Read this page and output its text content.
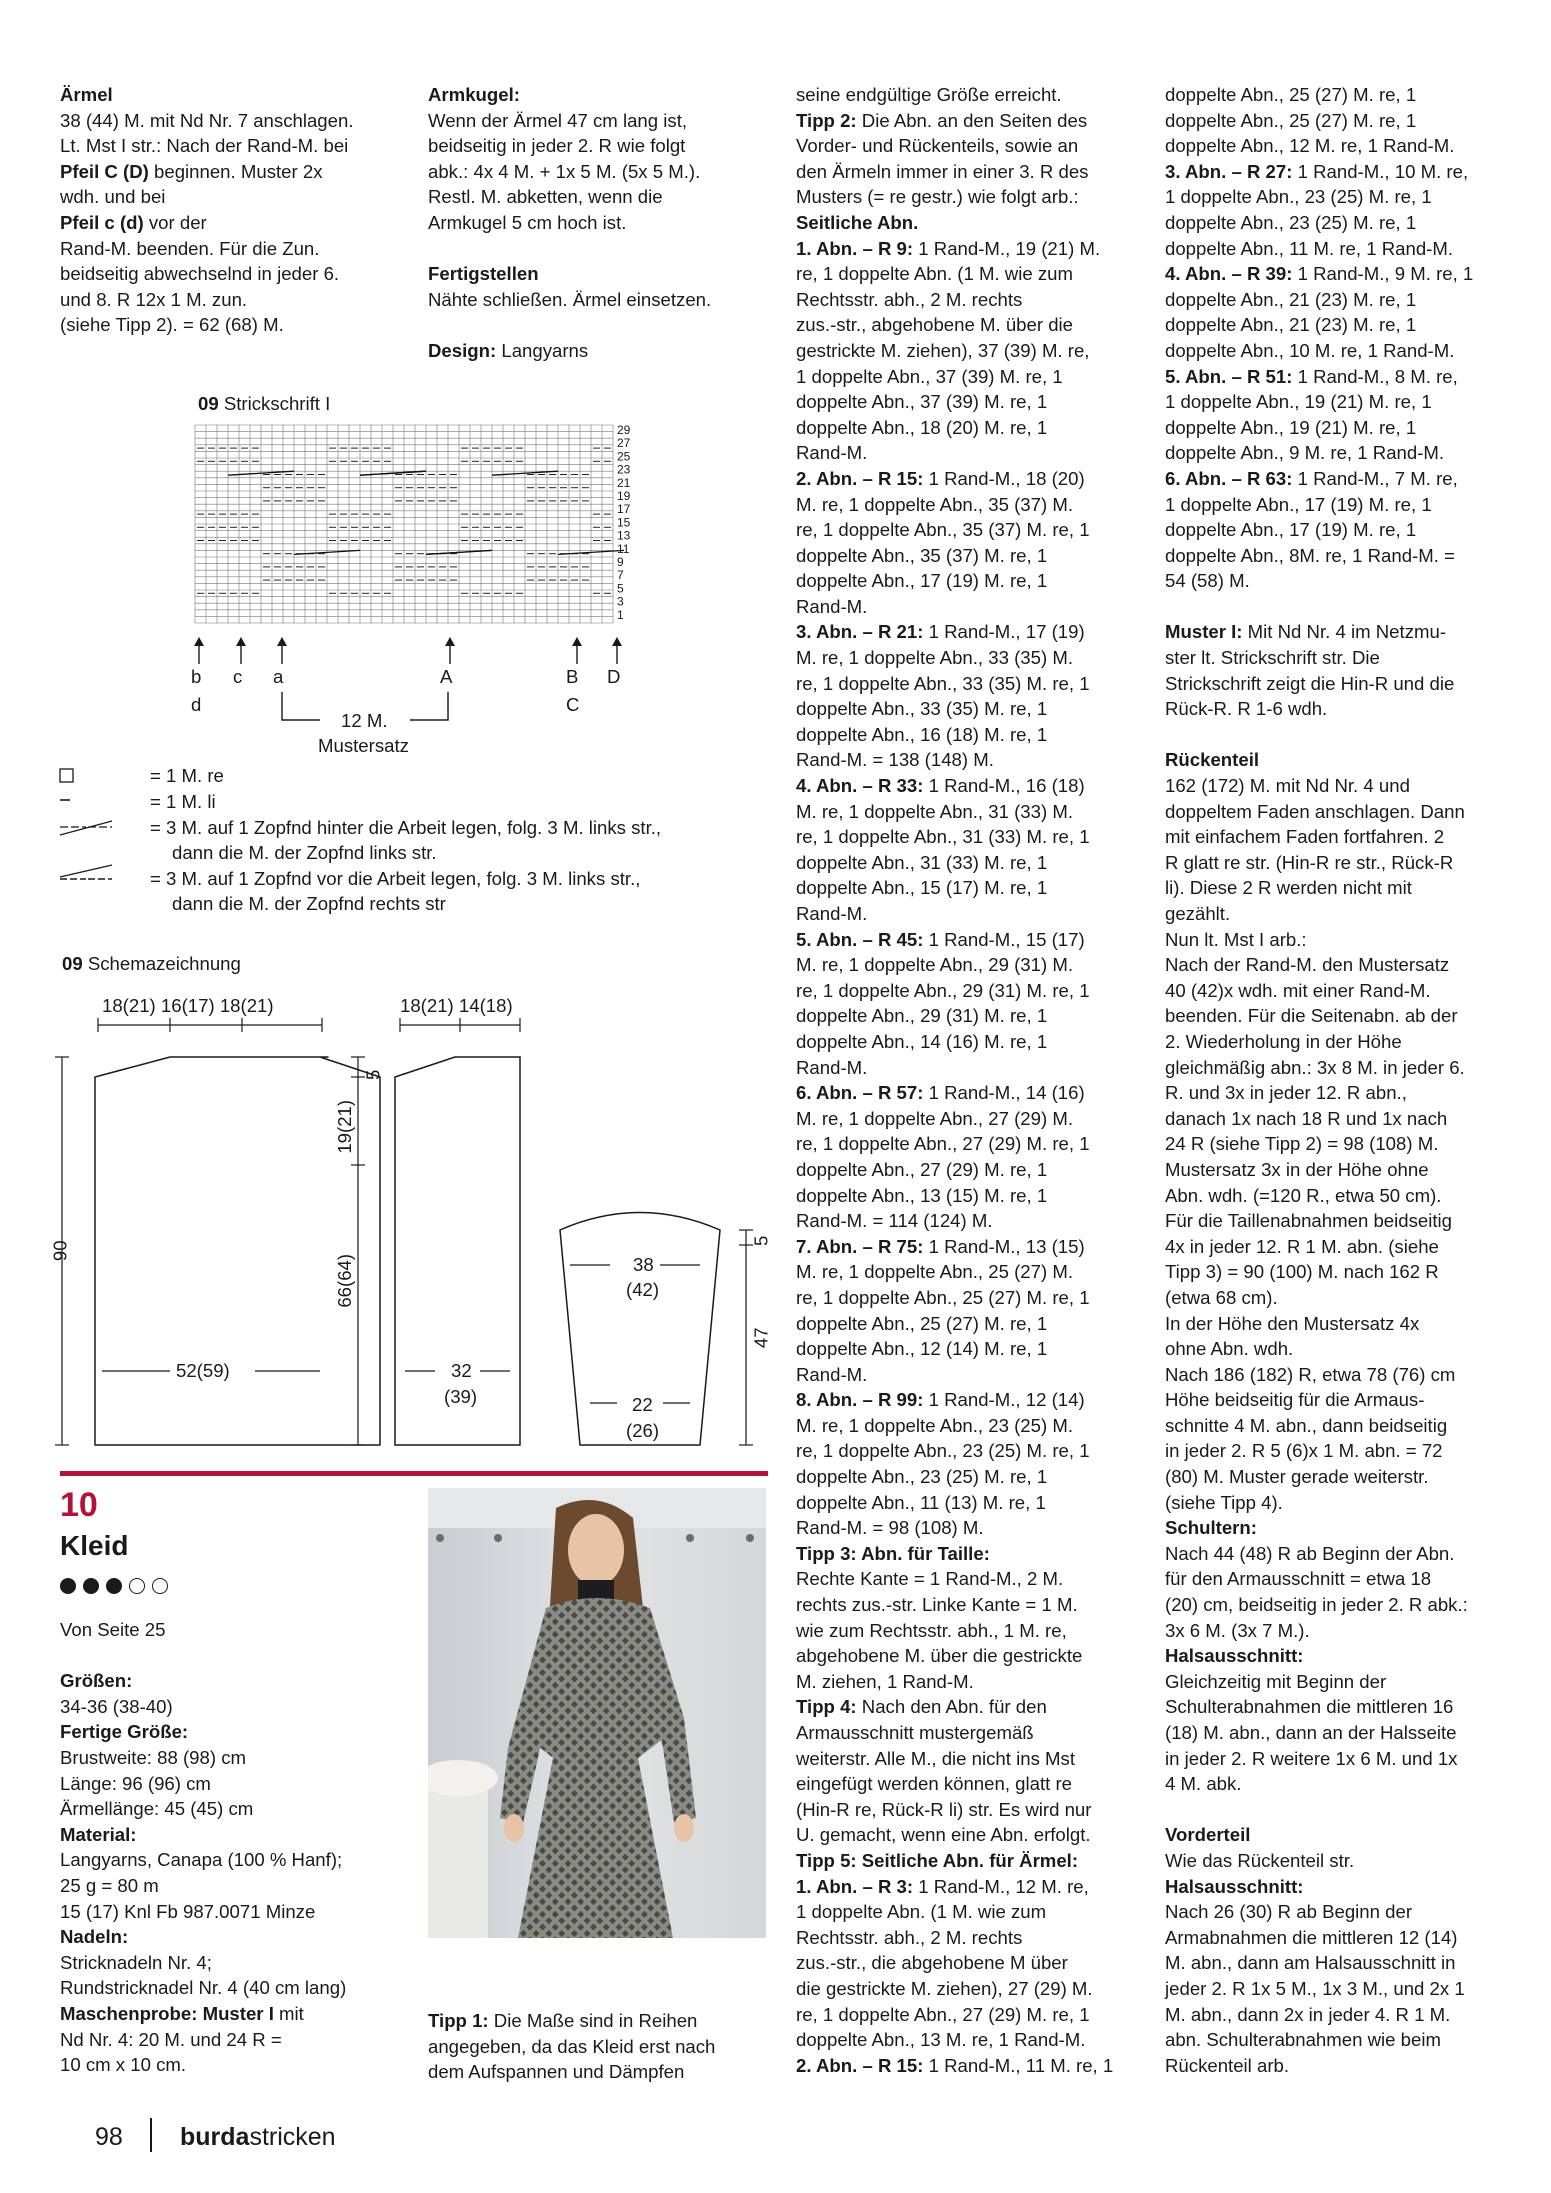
Ärmel

38 (44) M. mit Nd Nr. 7 anschlagen.

Lt. Mst I str.: Nach der Rand-M. bei

Pfeil C (D) beginnen. Muster 2x

wdh. und bei

Pfeil c (d) vor der

Rand-M. beenden. Für die Zun.

beidseitig abwechselnd in jeder 6.

und 8. R 12x 1 M. zun.

(siehe Tipp 2). = 62 (68) M.

Armkugel:

Wenn der Ärmel 47 cm lang ist,

beidseitig in jeder 2. R wie folgt

abk.: 4x 4 M. + 1x 5 M. (5x 5 M.).

Restl. M. abketten, wenn die

Armkugel 5 cm hoch ist.

Fertigstellen

Nähte schließen. Ärmel einsetzen.

Design: Langyarns

seine endgültige Größe erreicht.

Tipp 2: Die Abn. an den Seiten des

Vorder- und Rückenteils, sowie an

den Ärmeln immer in einer 3. R des

Musters (= re gestr.) wie folgt arb.:

Seitliche Abn.

1. Abn. – R 9: 1 Rand-M., 19 (21) M.

re, 1 doppelte Abn. (1 M. wie zum

Rechtsstr. abh., 2 M. rechts

zus.-str., abgehobene M. über die

gestrickte M. ziehen), 37 (39) M. re,

1 doppelte Abn., 37 (39) M. re, 1

doppelte Abn., 37 (39) M. re, 1

doppelte Abn., 18 (20) M. re, 1

Rand-M.

2. Abn. – R 15: 1 Rand-M., 18 (20)

M. re, 1 doppelte Abn., 35 (37) M.

re, 1 doppelte Abn., 35 (37) M. re, 1

doppelte Abn., 35 (37) M. re, 1

doppelte Abn., 17 (19) M. re, 1

Rand-M.

3. Abn. – R 21: 1 Rand-M., 17 (19)

M. re, 1 doppelte Abn., 33 (35) M.

re, 1 doppelte Abn., 33 (35) M. re, 1

doppelte Abn., 33 (35) M. re, 1

doppelte Abn., 16 (18) M. re, 1

Rand-M. = 138 (148) M.

4. Abn. – R 33: 1 Rand-M., 16 (18)

M. re, 1 doppelte Abn., 31 (33) M.

re, 1 doppelte Abn., 31 (33) M. re, 1

doppelte Abn., 31 (33) M. re, 1

doppelte Abn., 15 (17) M. re, 1

Rand-M.

5. Abn. – R 45: 1 Rand-M., 15 (17)

M. re, 1 doppelte Abn., 29 (31) M.

re, 1 doppelte Abn., 29 (31) M. re, 1

doppelte Abn., 29 (31) M. re, 1

doppelte Abn., 14 (16) M. re, 1

Rand-M.

6. Abn. – R 57: 1 Rand-M., 14 (16)

M. re, 1 doppelte Abn., 27 (29) M.

re, 1 doppelte Abn., 27 (29) M. re, 1

doppelte Abn., 27 (29) M. re, 1

doppelte Abn., 13 (15) M. re, 1

Rand-M. = 114 (124) M.

7. Abn. – R 75: 1 Rand-M., 13 (15)

M. re, 1 doppelte Abn., 25 (27) M.

re, 1 doppelte Abn., 25 (27) M. re, 1

doppelte Abn., 25 (27) M. re, 1

doppelte Abn., 12 (14) M. re, 1

Rand-M.

8. Abn. – R 99: 1 Rand-M., 12 (14)

M. re, 1 doppelte Abn., 23 (25) M.

re, 1 doppelte Abn., 23 (25) M. re, 1

doppelte Abn., 23 (25) M. re, 1

doppelte Abn., 11 (13) M. re, 1

Rand-M. = 98 (108) M.

Tipp 3: Abn. für Taille:

Rechte Kante = 1 Rand-M., 2 M.

rechts zus.-str. Linke Kante = 1 M.

wie zum Rechtsstr. abh., 1 M. re,

abgehobene M. über die gestrickte

M. ziehen, 1 Rand-M.

Tipp 4: Nach den Abn. für den

Armausschnitt mustergemäß

weiterstr. Alle M., die nicht ins Mst

eingefügt werden können, glatt re

(Hin-R re, Rück-R li) str. Es wird nur

U. gemacht, wenn eine Abn. erfolgt.

Tipp 5: Seitliche Abn. für Ärmel:

1. Abn. – R 3: 1 Rand-M., 12 M. re,

1 doppelte Abn. (1 M. wie zum

Rechtsstr. abh., 2 M. rechts

zus.-str., die abgehobene M über

die gestrickte M. ziehen), 27 (29) M.

re, 1 doppelte Abn., 27 (29) M. re, 1

doppelte Abn., 13 M. re, 1 Rand-M.

2. Abn. – R 15: 1 Rand-M., 11 M. re, 1

doppelte Abn., 25 (27) M. re, 1

doppelte Abn., 25 (27) M. re, 1

doppelte Abn., 12 M. re, 1 Rand-M.

3. Abn. – R 27: 1 Rand-M., 10 M. re,

1 doppelte Abn., 23 (25) M. re, 1

doppelte Abn., 23 (25) M. re, 1

doppelte Abn., 11 M. re, 1 Rand-M.

4. Abn. – R 39: 1 Rand-M., 9 M. re, 1

doppelte Abn., 21 (23) M. re, 1

doppelte Abn., 21 (23) M. re, 1

doppelte Abn., 10 M. re, 1 Rand-M.

5. Abn. – R 51: 1 Rand-M., 8 M. re,

1 doppelte Abn., 19 (21) M. re, 1

doppelte Abn., 19 (21) M. re, 1

doppelte Abn., 9 M. re, 1 Rand-M.

6. Abn. – R 63: 1 Rand-M., 7 M. re,

1 doppelte Abn., 17 (19) M. re, 1

doppelte Abn., 17 (19) M. re, 1

doppelte Abn., 8M. re, 1 Rand-M. =

54 (58) M.

Muster I: Mit Nd Nr. 4 im Netzmu-

ster lt. Strickschrift str. Die

Strickschrift zeigt die Hin-R und die

Rück-R. R 1-6 wdh.

Rückenteil

162 (172) M. mit Nd Nr. 4 und

doppeltem Faden anschlagen. Dann

mit einfachem Faden fortfahren. 2

R glatt re str. (Hin-R re str., Rück-R

li). Diese 2 R werden nicht mit

gezählt.

Nun lt. Mst I arb.:

Nach der Rand-M. den Mustersatz

40 (42)x wdh. mit einer Rand-M.

beenden. Für die Seitenabn. ab der

2. Wiederholung in der Höhe

gleichmäßig abn.: 3x 8 M. in jeder 6.

R. und 3x in jeder 12. R abn.,

danach 1x nach 18 R und 1x nach

24 R (siehe Tipp 2) = 98 (108) M.

Mustersatz 3x in der Höhe ohne

Abn. wdh. (=120 R., etwa 50 cm).

Für die Taillenabnahmen beidseitig

4x in jeder 12. R 1 M. abn. (siehe

Tipp 3) = 90 (100) M. nach 162 R

(etwa 68 cm).

In der Höhe den Mustersatz 4x

ohne Abn. wdh.

Nach 186 (182) R, etwa 78 (76) cm

Höhe beidseitig für die Armaus-

schnitte 4 M. abn., dann beidseitig

in jeder 2. R 5 (6)x 1 M. abn. = 72

(80) M. Muster gerade weiterstr.

(siehe Tipp 4).

Schultern:

Nach 44 (48) R ab Beginn der Abn.

für den Armausschnitt = etwa 18

(20) cm, beidseitig in jeder 2. R abk.:

3x 6 M. (3x 7 M.).

Halsausschnitt:

Gleichzeitig mit Beginn der

Schulterabnahmen die mittleren 16

(18) M. abn., dann an der Halsseite

in jeder 2. R weitere 1x 6 M. und 1x

4 M. abk.

Vorderteil

Wie das Rückenteil str.

Halsausschnitt:

Nach 26 (30) R ab Beginn der

Armabnahmen die mittleren 12 (14)

M. abn., dann am Halsausschnitt in

jeder 2. R 1x 5 M., 1x 3 M., und 2x 1

M. abn., dann 2x in jeder 4. R 1 M.

abn. Schulterabnahmen wie beim

Rückenteil arb.

09 Strickschrift I
29
27
25
23
21
19
17
15
13
11
9
7
5
3
1
b c a	A	B D
d	C
12 M.
Mustersatz
= 1 M. re
= 1 M. li
= 3 M. auf 1 Zopfnd hinter die Arbeit legen, folg. 3 M. links str.,
dann die M. der Zopfnd links str.
= 3 M. auf 1 Zopfnd vor die Arbeit legen, folg. 3 M. links str.,
dann die M. der Zopfnd rechts str
09 Schemazeichnung
18(21) 16(17) 18(21)	18(21) 14(18)
90
52(59)
5
19(21)
66(64)
32
(39)
38
(42)
22
(26)
5
47
10
Kleid

Von Seite 25

Größen:

34-36 (38-40)

Fertige Größe:

Brustweite: 88 (98) cm

Länge: 96 (96) cm

Ärmellänge: 45 (45) cm

Material:

Langyarns, Canapa (100 % Hanf);

25 g = 80 m

15 (17) Knl Fb 987.0071 Minze

Nadeln:

Stricknadeln Nr. 4;

Rundstricknadel Nr. 4 (40 cm lang)

Maschenprobe: Muster I mit

Nd Nr. 4: 20 M. und 24 R =

10 cm x 10 cm.

Tipp 1: Die Maße sind in Reihen

angegeben, da das Kleid erst nach

dem Aufspannen und Dämpfen

98 burdastricken
